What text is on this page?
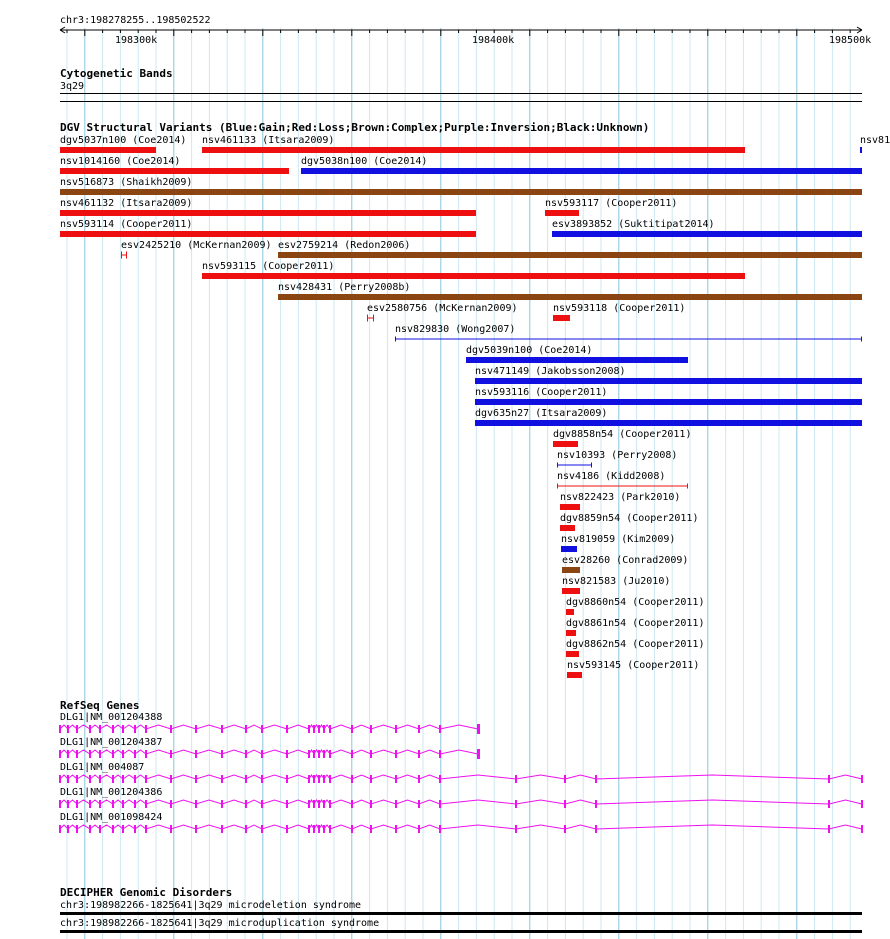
chr3:198278255..198502522
198300k	198400k	198500k
Cytogenetic Bands
3q29
DGV Structural Variants (Blue:Gain;Red:Loss;Brown:Complex;Purple:Inversion;Black:Unknown)
dgv5037n100 (Coe2014) nsv461133 (Itsara2009)	nsv81
nsv1014160 (Coe2014)	dgv5038n100 (Coe2014)
nsv516873 (Shaikh2009)
nsv461132 (Itsara2009)	nsv593117 (Cooper2011)
nsv593114 (Cooper2011)	esv3893852 (Suktitipat2014)
esv2425210 (McKernan2009) esv2759214 (Redon2006)
nsv593115 (Cooper2011)
nsv428431 (Perry2008b)
esv2580756 (McKernan2009)	nsv593118 (Cooper2011)
nsv829830 (Wong2007)
dgv5039n100 (Coe2014)
nsv471149 (Jakobsson2008)
nsv593116 (Cooper2011)
dgv635n27 (Itsara2009)
dgv8858n54 (Cooper2011)
nsv10393 (Perry2008)
nsv4186 (Kidd2008)
nsv822423 (Park2010)
dgv8859n54 (Cooper2011)
nsv819059 (Kim2009)
esv28260 (Conrad2009)
nsv821583 (Ju2010)
dgv8860n54 (Cooper2011)
dgv8861n54 (Cooper2011)
dgv8862n54 (Cooper2011)
nsv593145 (Cooper2011)
RefSeq Genes
DLG1|NM_001204388
DLG1|NM_001204387
DLG1|NM_004087
DLG1|NM_001204386
DLG1|NM_001098424
DECIPHER Genomic Disorders
chr3:198982266-1825641|3q29 microdeletion syndrome
chr3:198982266-1825641|3q29 microduplication syndrome
